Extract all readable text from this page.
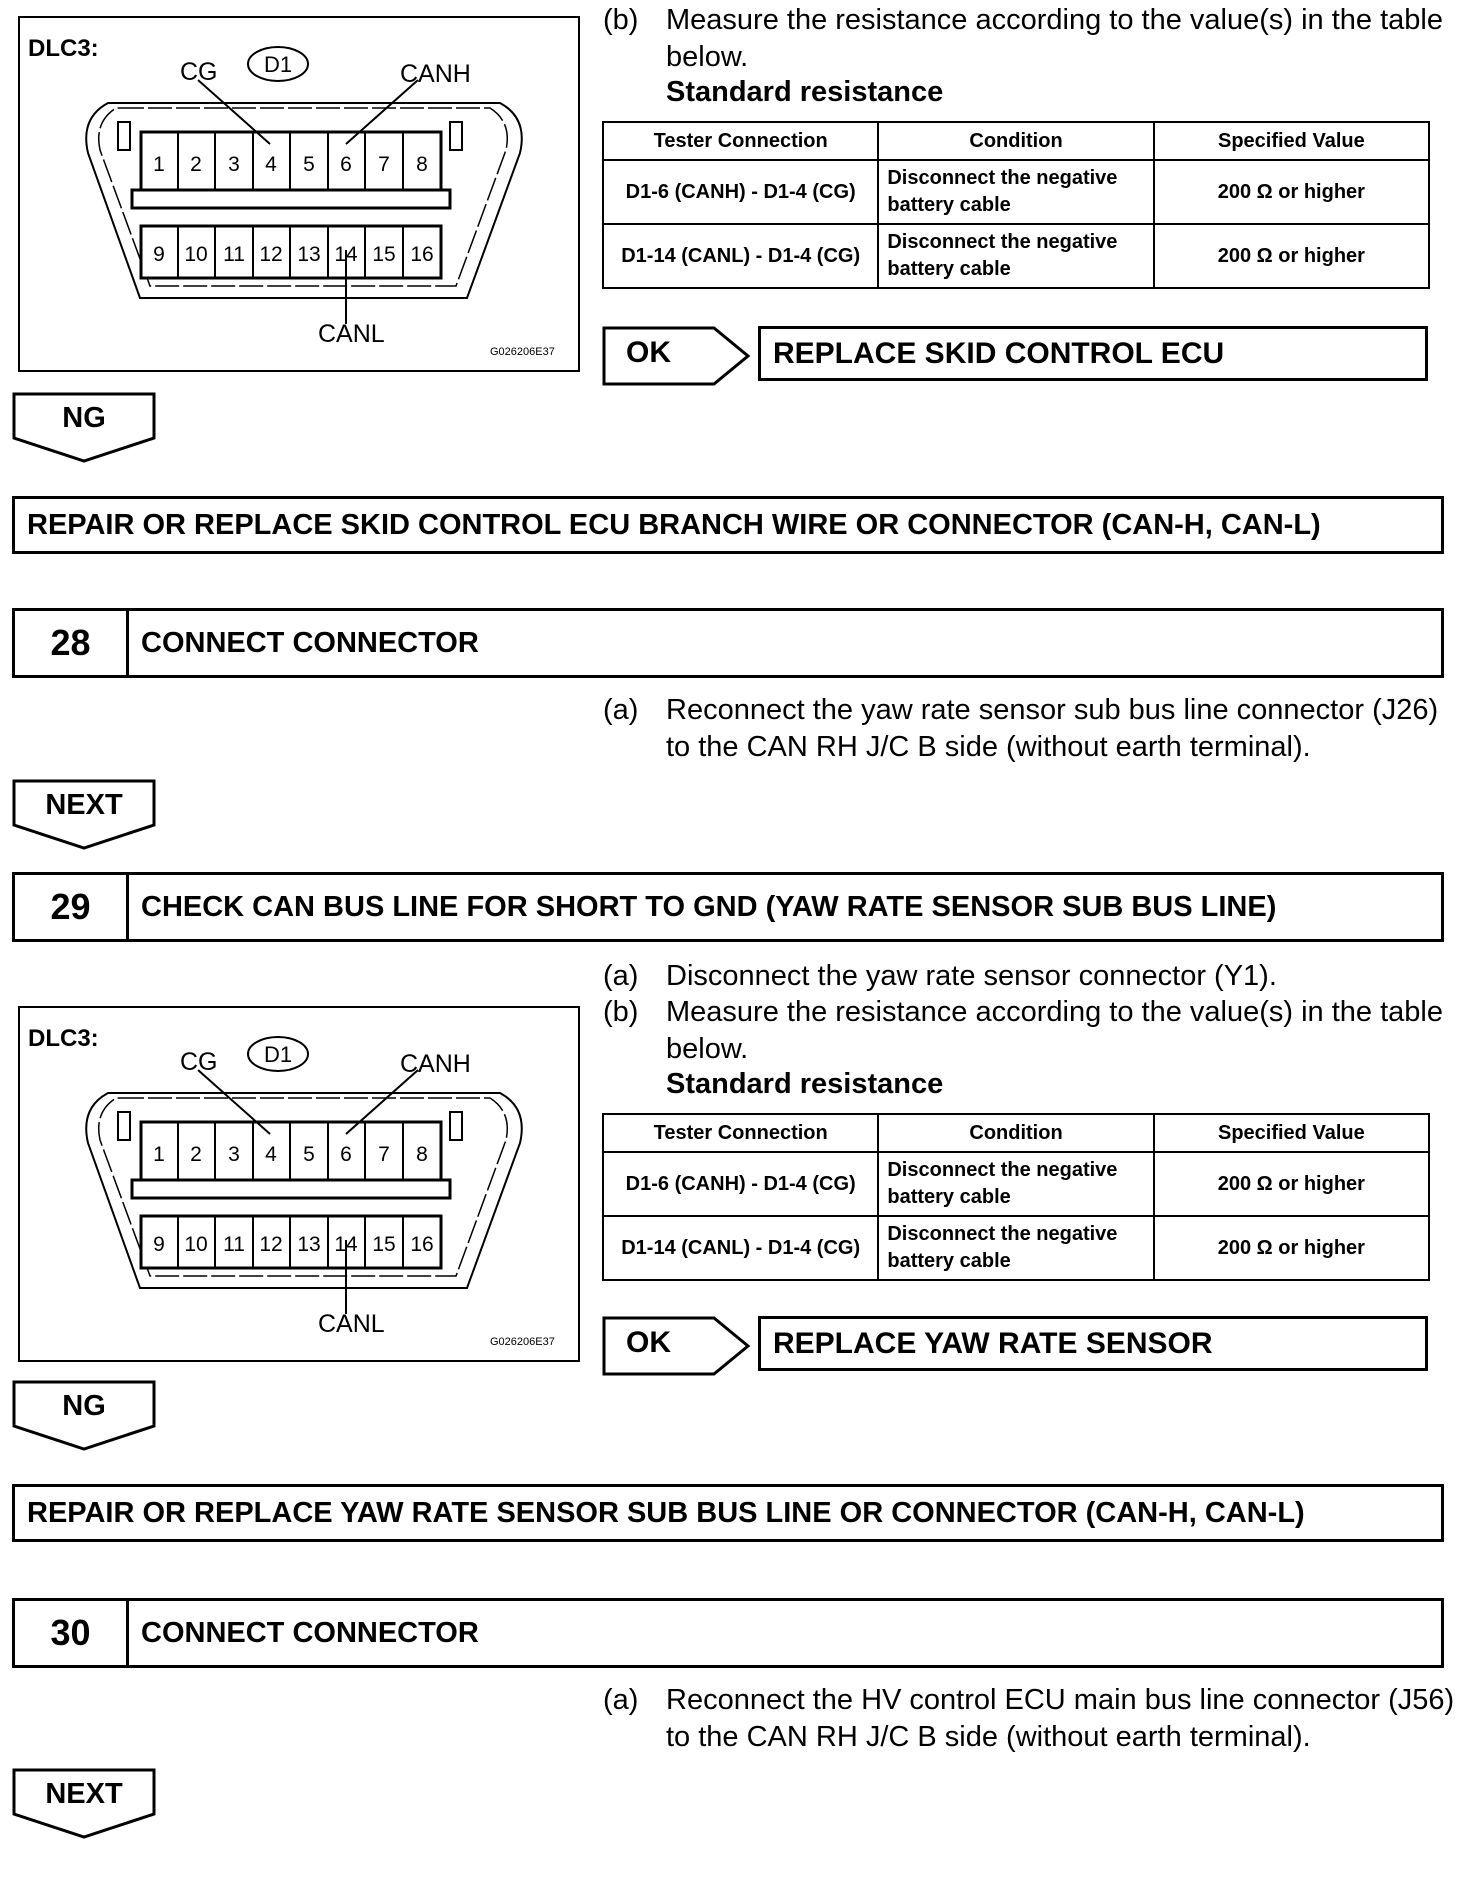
1 2 3 4 5 6 7 8
9 10 11 12 13 14 15 16
D1
DLC3:
CG	CANH
CANL
G026206E37
(b) Measure the resistance according to the value(s) in the table below.
Standard resistance
Tester Connection	Condition	Specified Value
D1-6 (CANH) - D1-4 (CG)	Disconnect the negative battery cable	200 Ω or higher
D1-14 (CANL) - D1-4 (CG)	Disconnect the negative battery cable	200 Ω or higher
OK	REPLACE SKID CONTROL ECU
NG
REPAIR OR REPLACE SKID CONTROL ECU BRANCH WIRE OR CONNECTOR (CAN-H, CAN-L)
28	CONNECT CONNECTOR
(a) Reconnect the yaw rate sensor sub bus line connector (J26) to the CAN RH J/C B side (without earth terminal).
NEXT
29	CHECK CAN BUS LINE FOR SHORT TO GND (YAW RATE SENSOR SUB BUS LINE)
1 2 3 4 5 6 7 8
9 10 11 12 13 14 15 16
D1
DLC3:
CG	CANH
CANL
G026206E37
(a) Disconnect the yaw rate sensor connector (Y1).
(b) Measure the resistance according to the value(s) in the table below.
Standard resistance
Tester Connection	Condition	Specified Value
D1-6 (CANH) - D1-4 (CG)	Disconnect the negative battery cable	200 Ω or higher
D1-14 (CANL) - D1-4 (CG)	Disconnect the negative battery cable	200 Ω or higher
OK	REPLACE YAW RATE SENSOR
NG
REPAIR OR REPLACE YAW RATE SENSOR SUB BUS LINE OR CONNECTOR (CAN-H, CAN-L)
30	CONNECT CONNECTOR
(a) Reconnect the HV control ECU main bus line connector (J56) to the CAN RH J/C B side (without earth terminal).
NEXT
